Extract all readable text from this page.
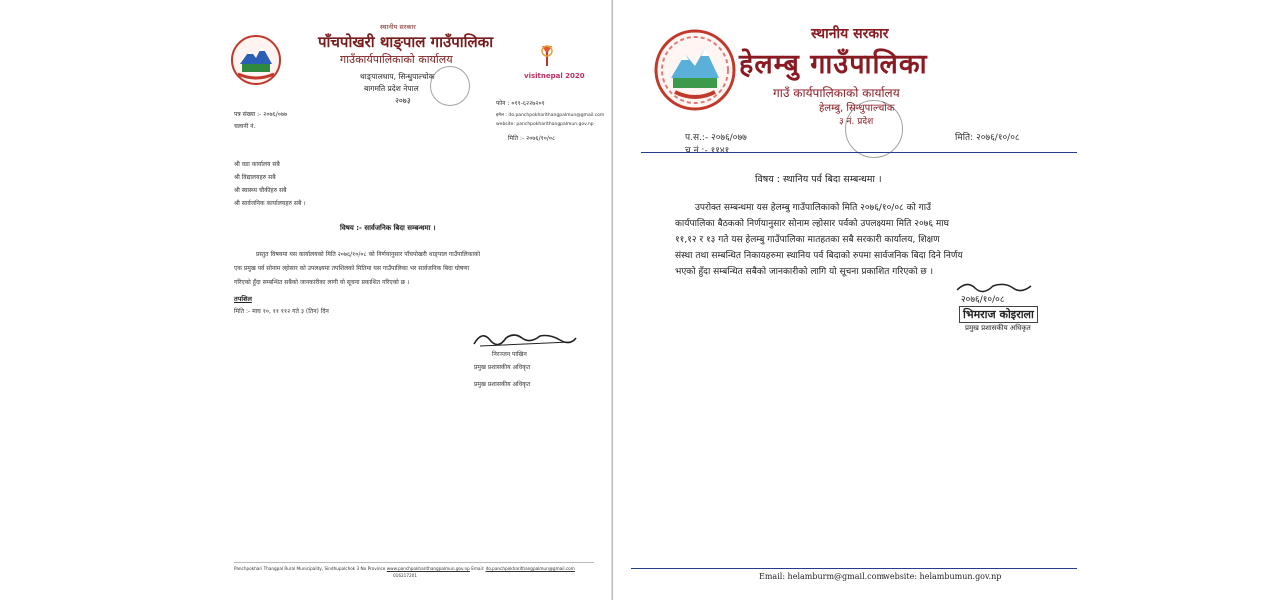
स्थानीय सरकार
पाँचपोखरी थाङ्पाल गाउँपालिका
गाउँकार्यपालिकाको कार्यालय
थाङ्पालधाप, सिन्धुपाल्चोक
बागमति प्रदेश नेपाल
२०७३
visitnepal 2020
फोन : ०११-६२२७२०१
इमेल : ito.panchpokharithangpalmun@gmail.com
website: panchpokharithangpalmun.gov.np
पत्र संख्या :- २०७६/०७७
चलानी नं.
मिति :- २०७६/१०/०८
श्री वडा कार्यालय सबै
श्री विद्यालयहरु सबै
श्री स्वास्थ्य चौकीहरु सबै
श्री सार्वजनिक कार्यालयहरु सबै ।
विषय :- सार्वजनिक बिदा सम्बन्धमा ।
प्रस्तुत विषयमा यस कार्यालयको मिति २०७६/१०/०८ को निर्णयानुसार पाँचपोखरी थाङ्पाल गाउँपालिकाको
एक प्रमुख पर्व सोनाम ल्होसार को उपलक्ष्यमा तपशिलको मितिमा यस गाउँपालिका भर सार्वजनिक बिदा घोषणा
गरिएको हुँदा सम्बन्धित सबैको जानकारीका लागी यो सूचना प्रकाशित गरिएको छ ।
तपशिल
मिति :- माघ १०, ११ ११२ गते ३ (तिन) दिन
निरञ्जन पाखिन
प्रमुख प्रशासकीय अधिकृत
प्रमुख प्रशासकीय अधिकृत
Panchpokhari Thangpal Rural Municipality, Sindhupalchok 3 No Province www.panchpokharithangpalmun.gov.np Email: ito.panchpokharithangpalmun@gmail.com
016217201
स्थानीय सरकार
हेलम्बु गाउँपालिका
गाउँ कार्यपालिकाको कार्यालय
हेलम्बु, सिन्धुपाल्चोक
३ नं. प्रदेश
प.स.:- २०७६/०७७
च.नं.:- ११४१
मिति: २०७६/१०/०८
विषय : स्थानिय पर्व बिदा सम्बन्धमा ।
उपरोक्त सम्बन्धमा यस हेलम्बु गाउँपालिकाको मिति २०७६/१०/०८ को गाउँ
कार्यपालिका बैठकको निर्णयानुसार सोनाम ल्होसार पर्वको उपलक्ष्यमा मिति २०७६ माघ
११,१२ र १३ गते यस हेलम्बु गाउँपालिका मातहतका सबै सरकारी कार्यालय, शिक्षण
संस्था तथा सम्बन्धित निकायहरुमा स्थानिय पर्व बिदाको रुपमा सार्वजनिक बिदा दिने निर्णय
भएको हुँदा सम्बन्धित सबैको जानकारीको लागि यो सूचना प्रकाशित गरिएको छ ।
२०७६/१०/०८
भिमराज कोइराला
प्रमुख प्रशासकीय अधिकृत
Email: helamburm@gmail.com
website: helambumun.gov.np
